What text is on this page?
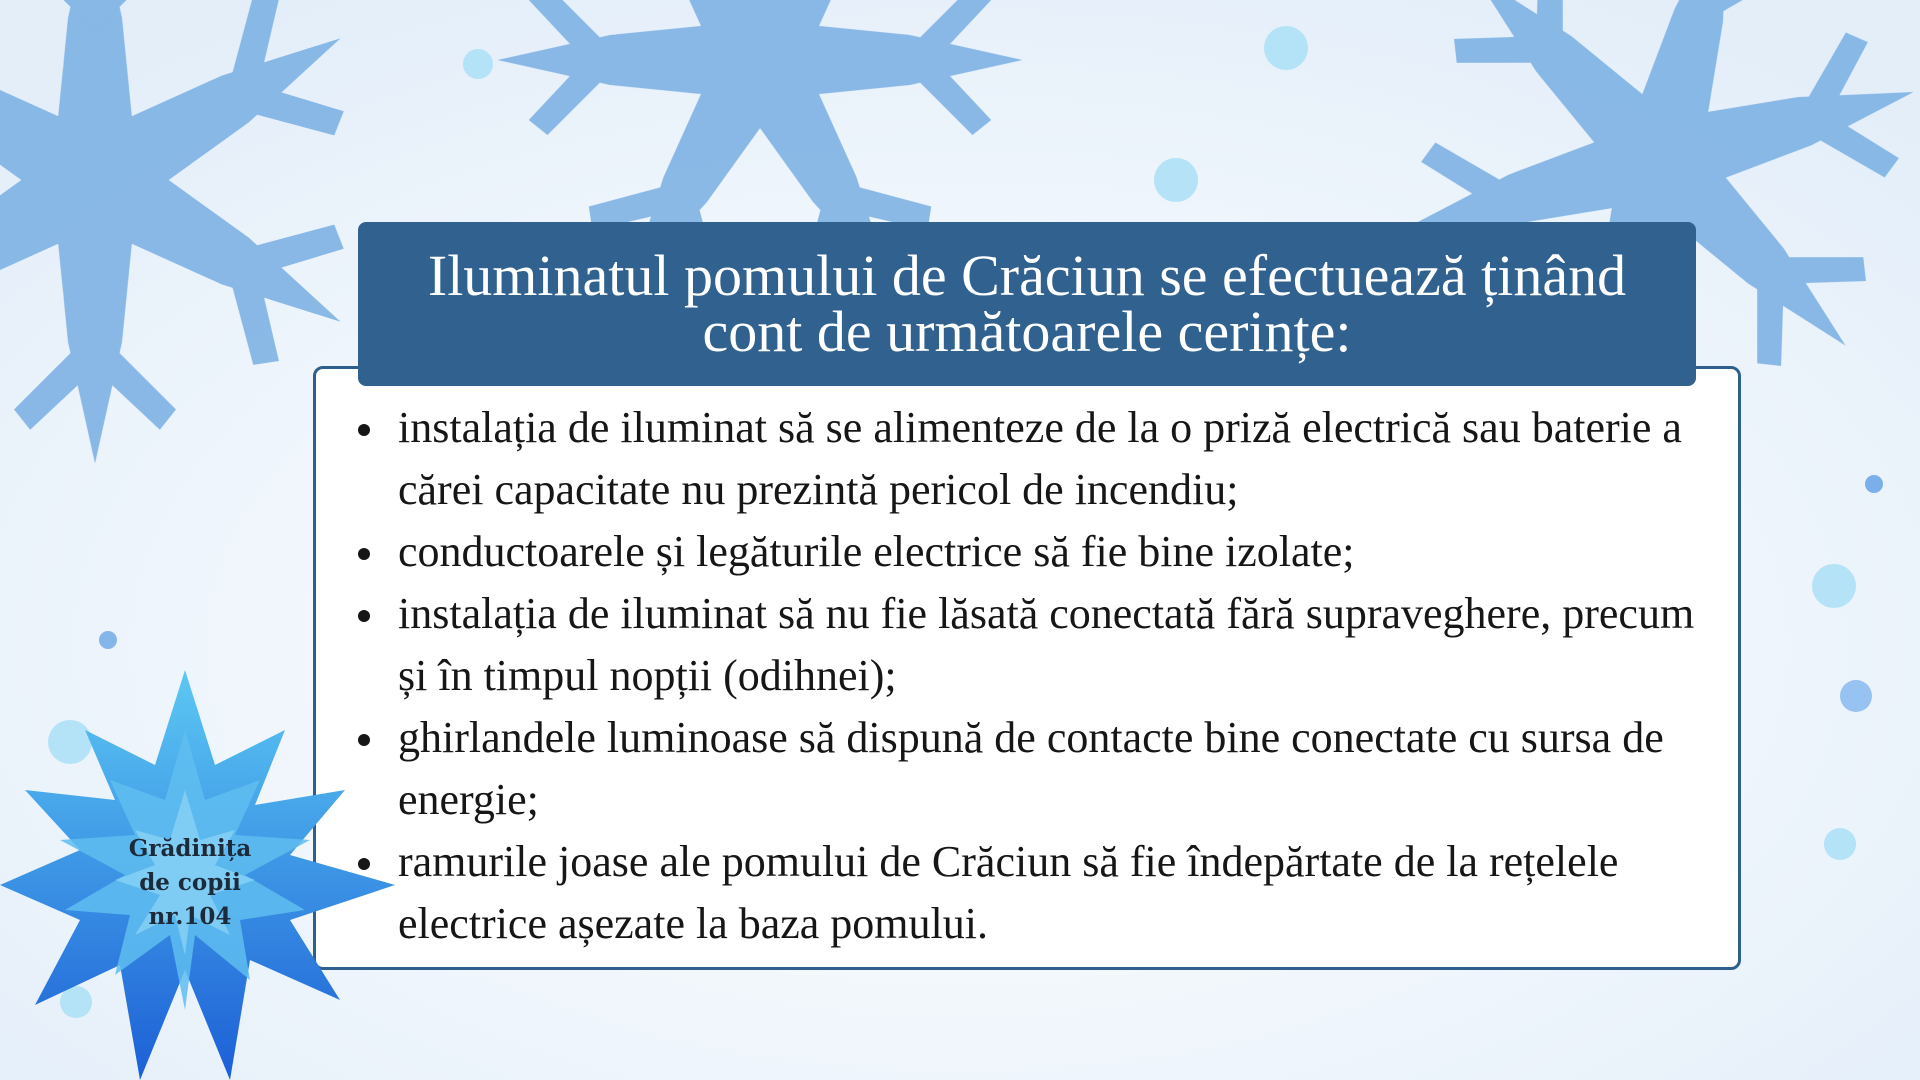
Iluminatul pomului de Crăciun se efectuează ținând cont de următoarele cerințe:
instalația de iluminat să se alimenteze de la o priză electrică sau baterie a cărei capacitate nu prezintă pericol de incendiu;
conductoarele și legăturile electrice să fie bine izolate;
instalația de iluminat să nu fie lăsată conectată fără supraveghere, precum și în timpul nopții (odihnei);
ghirlandele luminoase să dispună de contacte bine conectate cu sursa de energie;
ramurile joase ale pomului de Crăciun să fie îndepărtate de la rețelele electrice așezate la baza pomului.
Grădinița
de copii
nr.104
